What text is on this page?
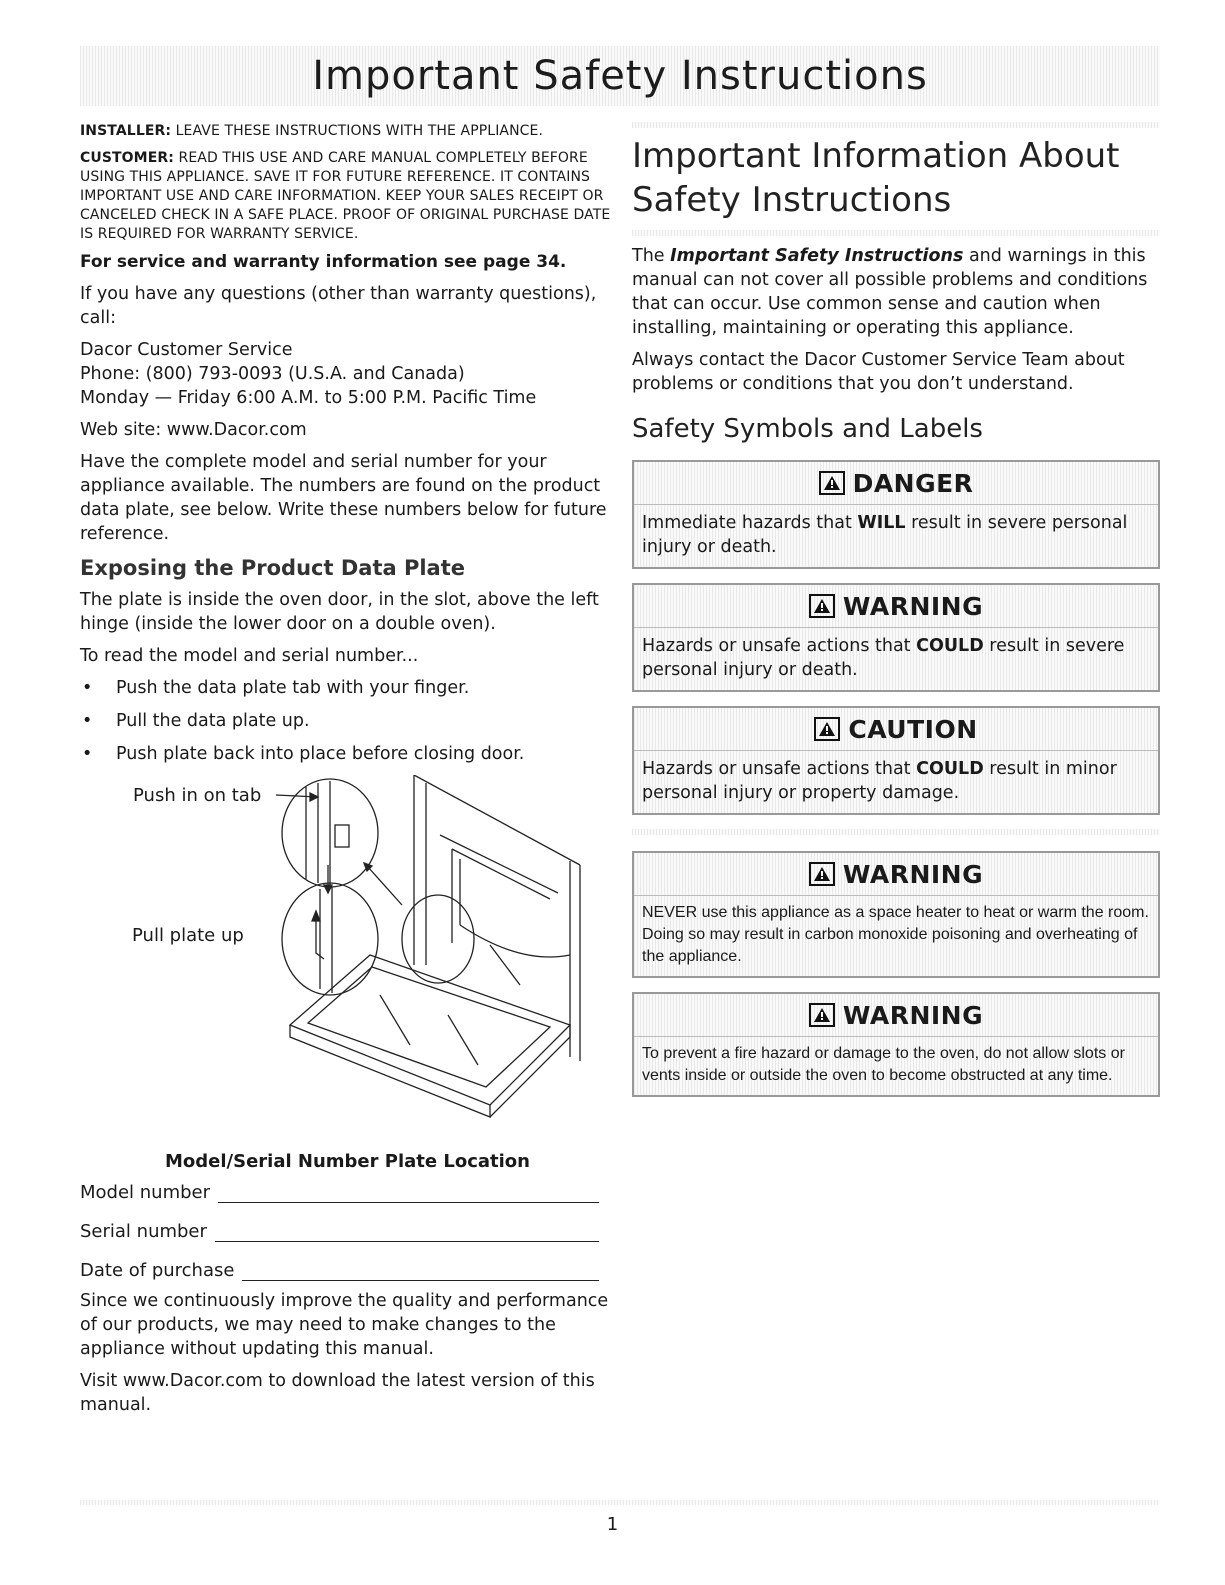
Important Safety Instructions
INSTALLER: LEAVE THESE INSTRUCTIONS WITH THE APPLIANCE.
CUSTOMER: READ THIS USE AND CARE MANUAL COMPLETELY BEFORE USING THIS APPLIANCE. SAVE IT FOR FUTURE REFERENCE. IT CONTAINS IMPORTANT USE AND CARE INFORMATION. KEEP YOUR SALES RECEIPT OR CANCELED CHECK IN A SAFE PLACE. PROOF OF ORIGINAL PURCHASE DATE IS REQUIRED FOR WARRANTY SERVICE.
For service and warranty information see page 34.

If you have any questions (other than warranty questions), call:

Dacor Customer Service
Phone: (800) 793-0093 (U.S.A. and Canada)
Monday — Friday 6:00 A.M. to 5:00 P.M. Pacific Time

Web site: www.Dacor.com

Have the complete model and serial number for your appliance available. The numbers are found on the product data plate, see below. Write these numbers below for future reference.

Exposing the Product Data Plate

The plate is inside the oven door, in the slot, above the left hinge (inside the lower door on a double oven).

To read the model and serial number...

• Push the data plate tab with your finger.
• Pull the data plate up.
• Push plate back into place before closing door.
Push in on tab
Pull plate up
Model/Serial Number Plate Location
Model number
Serial number
Date of purchase

Since we continuously improve the quality and performance of our products, we may need to make changes to the appliance without updating this manual.

Visit www.Dacor.com to download the latest version of this manual.

Important Information About Safety Instructions

The Important Safety Instructions and warnings in this manual can not cover all possible problems and conditions that can occur. Use common sense and caution when installing, maintaining or operating this appliance.

Always contact the Dacor Customer Service Team about problems or conditions that you don’t understand.

Safety Symbols and Labels
DANGER
Immediate hazards that WILL result in severe personal injury or death.
WARNING
Hazards or unsafe actions that COULD result in severe personal injury or death.
CAUTION
Hazards or unsafe actions that COULD result in minor personal injury or property damage.
WARNING
NEVER use this appliance as a space heater to heat or warm the room. Doing so may result in carbon monoxide poisoning and overheating of the appliance.
WARNING
To prevent a fire hazard or damage to the oven, do not allow slots or vents inside or outside the oven to become obstructed at any time.
1
